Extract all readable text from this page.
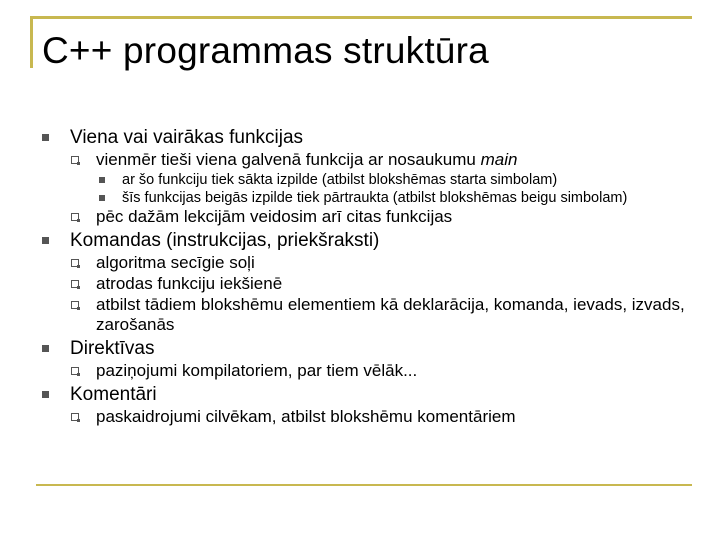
C++ programmas struktūra
Viena vai vairākas funkcijas
vienmēr tieši viena galvenā funkcija ar nosaukumu main
ar šo funkciju tiek sākta izpilde (atbilst blokshēmas starta simbolam)
šīs funkcijas beigās izpilde tiek pārtraukta (atbilst blokshēmas beigu simbolam)
pēc dažām lekcijām veidosim arī citas funkcijas
Komandas (instrukcijas, priekšraksti)
algoritma secīgie soļi
atrodas funkciju iekšienē
atbilst tādiem blokshēmu elementiem kā deklarācija, komanda, ievads, izvads, zarošanās
Direktīvas
paziņojumi kompilatoriem, par tiem vēlāk...
Komentāri
paskaidrojumi cilvēkam, atbilst blokshēmu komentāriem
